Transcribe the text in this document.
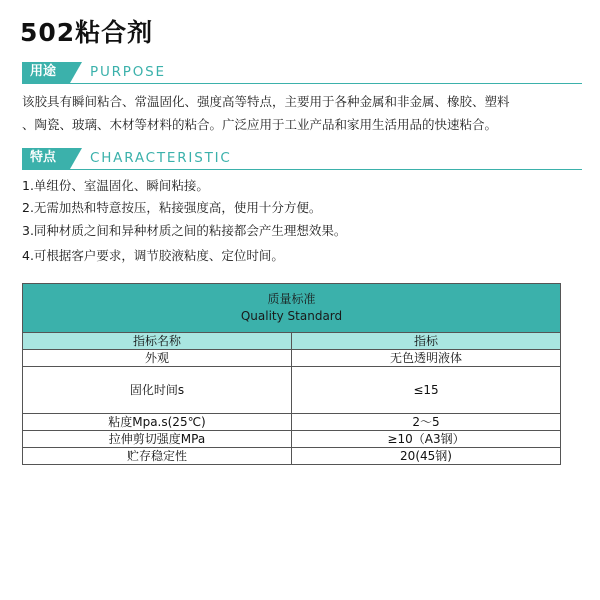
502粘合剂
用途	PURPOSE

该胶具有瞬间粘合、常温固化、强度高等特点，主要用于各种金属和非金属、橡胶、塑料
、陶瓷、玻璃、木材等材料的粘合。广泛应用于工业产品和家用生活用品的快速粘合。

特点	CHARACTERISTIC

1.单组份、室温固化、瞬间粘接。

2.无需加热和特意按压，粘接强度高，使用十分方便。

3.同种材质之间和异种材质之间的粘接都会产生理想效果。

4.可根据客户要求，调节胶液粘度、定位时间。

质量标准
Quality Standard	
指标名称	指标
外观	无色透明液体
固化时间s	≤15
粘度Mpa.s(25℃)	2～5
拉伸剪切强度MPa	≥10（A3钢）
贮存稳定性	20(45钢)
